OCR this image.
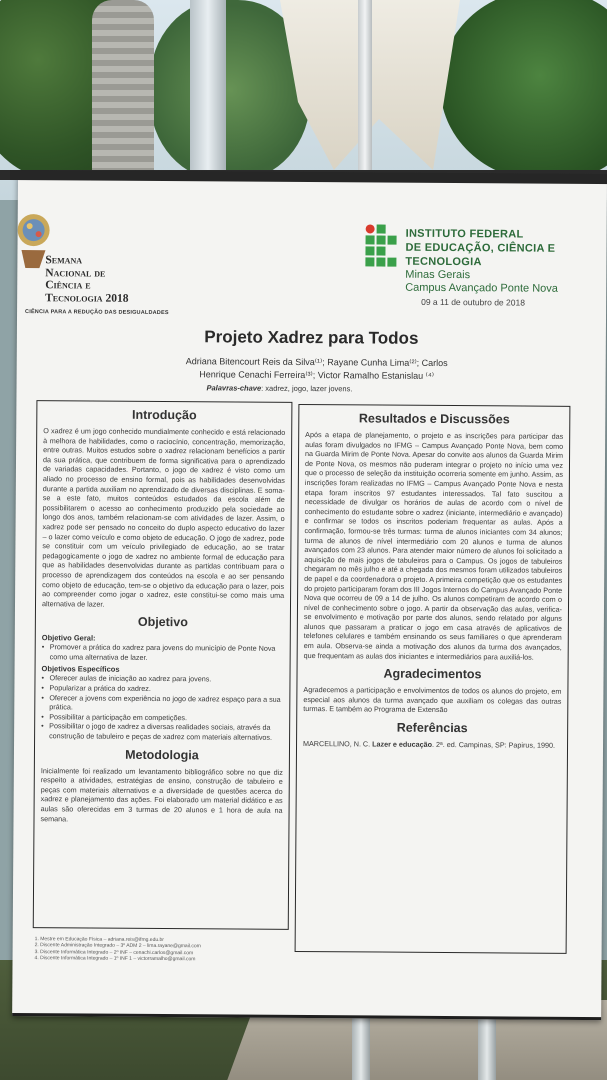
Semana
Nacional de
Ciência e
Tecnologia 2018
CIÊNCIA PARA A REDUÇÃO DAS DESIGUALDADES
INSTITUTO FEDERAL
DE EDUCAÇÃO, CIÊNCIA E TECNOLOGIA
Minas Gerais
Campus Avançado Ponte Nova
09 a 11 de outubro de 2018
Projeto Xadrez para Todos
Adriana Bitencourt Reis da Silva⁽¹⁾; Rayane Cunha Lima⁽²⁾; Carlos
Henrique Cenachi Ferreira⁽³⁾; Victor Ramalho Estanislau ⁽⁴⁾
Palavras-chave: xadrez, jogo, lazer jovens.
Introdução

O xadrez é um jogo conhecido mundialmente conhecido e está relacionado à melhora de habilidades, como o raciocínio, concentração, memorização, entre outras. Muitos estudos sobre o xadrez relacionam benefícios a partir da sua prática, que contribuem de forma significativa para o aprendizado de variadas capacidades. Portanto, o jogo de xadrez é visto como um aliado no processo de ensino formal, pois as habilidades desenvolvidas durante a partida auxiliam no aprendizado de diversas disciplinas. E soma-se a este fato, muitos conteúdos estudados da escola além de possibilitarem o acesso ao conhecimento produzido pela sociedade ao longo dos anos, também relacionam-se com atividades de lazer. Assim, o xadrez pode ser pensado no conceito do duplo aspecto educativo do lazer – o lazer como veículo e como objeto de educação. O jogo de xadrez, pode se constituir com um veículo privilegiado de educação, ao se tratar pedagogicamente o jogo de xadrez no ambiente formal de educação para que as habilidades desenvolvidas durante as partidas contribuam para o processo de aprendizagem dos conteúdos na escola e ao ser pensando como objeto de educação, tem-se o objetivo da educação para o lazer, pois ao compreender como jogar o xadrez, este constitui-se como mais uma alternativa de lazer.

Objetivo
Objetivo Geral:
• Promover a prática do xadrez para jovens do município de Ponte Nova como uma alternativa de lazer.
Objetivos Específicos
• Oferecer aulas de iniciação ao xadrez para jovens.
• Popularizar a prática do xadrez.
• Oferecer a jovens com experiência no jogo de xadrez espaço para a sua prática.
• Possibilitar a participação em competições.
• Possibilitar o jogo de xadrez a diversas realidades sociais, através da construção de tabuleiro e peças de xadrez com materiais alternativos.
Metodologia

Inicialmente foi realizado um levantamento bibliográfico sobre no que diz respeito a atividades, estratégias de ensino, construção de tabuleiro e peças com materiais alternativos e a diversidade de questões acerca do xadrez e planejamento das ações. Foi elaborado um material didático e as aulas são oferecidas em 3 turmas de 20 alunos e 1 hora de aula na semana.

Resultados e Discussões

Após a etapa de planejamento, o projeto e as inscrições para participar das aulas foram divulgados no IFMG – Campus Avançado Ponte Nova, bem como na Guarda Mirim de Ponte Nova. Apesar do convite aos alunos da Guarda Mirim de Ponte Nova, os mesmos não puderam integrar o projeto no início uma vez que o processo de seleção da instituição ocorreria somente em junho. Assim, as inscrições foram realizadas no IFMG – Campus Avançado Ponte Nova e nesta etapa foram inscritos 97 estudantes interessados. Tal fato suscitou a necessidade de divulgar os horários de aulas de acordo com o nível de conhecimento do estudante sobre o xadrez (iniciante, intermediário e avançado) e confirmar se todos os inscritos poderiam frequentar as aulas. Após a confirmação, formou-se três turmas: turma de alunos iniciantes com 34 alunos; turma de alunos de nível intermediário com 20 alunos e turma de alunos avançados com 23 alunos. Para atender maior número de alunos foi solicitado a aquisição de mais jogos de tabuleiros para o Campus. Os jogos de tabuleiros chegaram no mês julho e até a chegada dos mesmos foram utilizados tabuleiros de papel e da coordenadora o projeto. A primeira competição que os estudantes do projeto participaram foram dos III Jogos Internos do Campus Avançado Ponte Nova que ocorreu de 09 a 14 de julho. Os alunos competiram de acordo com o nível de conhecimento sobre o jogo. A partir da observação das aulas, verifica-se envolvimento e motivação por parte dos alunos, sendo relatado por alguns alunos que passaram a praticar o jogo em casa através de aplicativos de telefones celulares e também ensinando os seus familiares o que aprenderam em aula. Observa-se ainda a motivação dos alunos da turma dos avançados, que frequentam as aulas dos iniciantes e intermediários para auxiliá-los.

Agradecimentos

Agradecemos a participação e envolvimentos de todos os alunos do projeto, em especial aos alunos da turma avançado que auxiliam os colegas das outras turmas. E também ao Programa de Extensão

Referências

MARCELLINO, N. C. Lazer e educação. 2ª. ed. Campinas, SP: Papirus, 1990.

1. Mestre em Educação Física – adriana.reis@ifmg.edu.br
2. Discente Administração Integrado – 3º ADM 2 – lima.rayane@gmail.com
3. Discente Informática Integrado – 2º INF – cenachi.carlos@gmail.com
4. Discente Informática Integrado – 1º INF 1 – victorramalho@gmail.com
